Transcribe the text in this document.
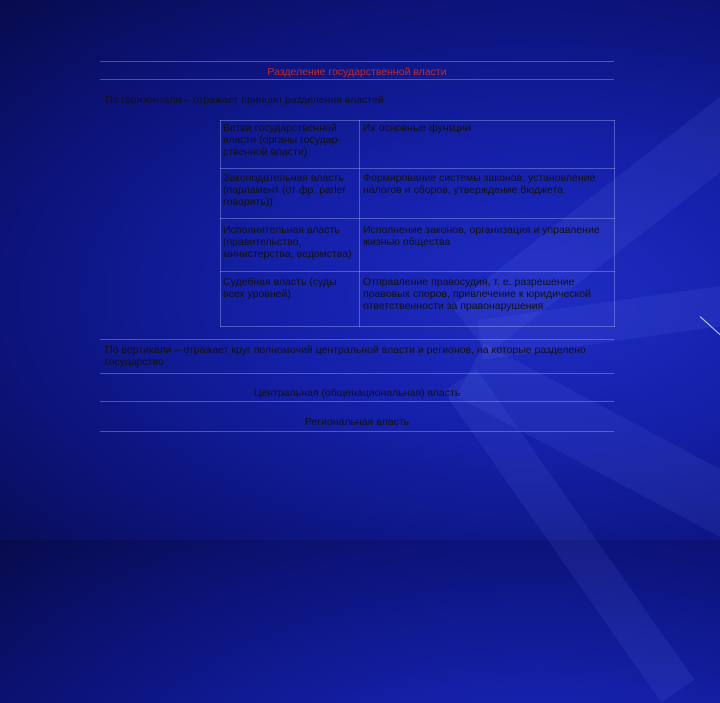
Разделение государственной власти
По горизонтали – отражает принцип разделения властей
Ветви государственной власти (органы государ- ственной власти)
Их основные функции
Законодательная власть (парламент (от фр. parler говорить))
Формирование системы законов, установление налогов и сборов, утверждение бюджета
Исполнительная власть (правительство, министерства, ведомства)
Исполнение законов, организация и управление жизнью общества
Судебная власть (суды всех уровней)
Отправление правосудия, т. е. разрешение правовых споров, привлечение к юридической ответственности за правонарушения
По вертикали – отражает круг полномочий центральной власти и регионов, на которые разделено государство
Центральная (общенациональная) власть
Региональная власть
